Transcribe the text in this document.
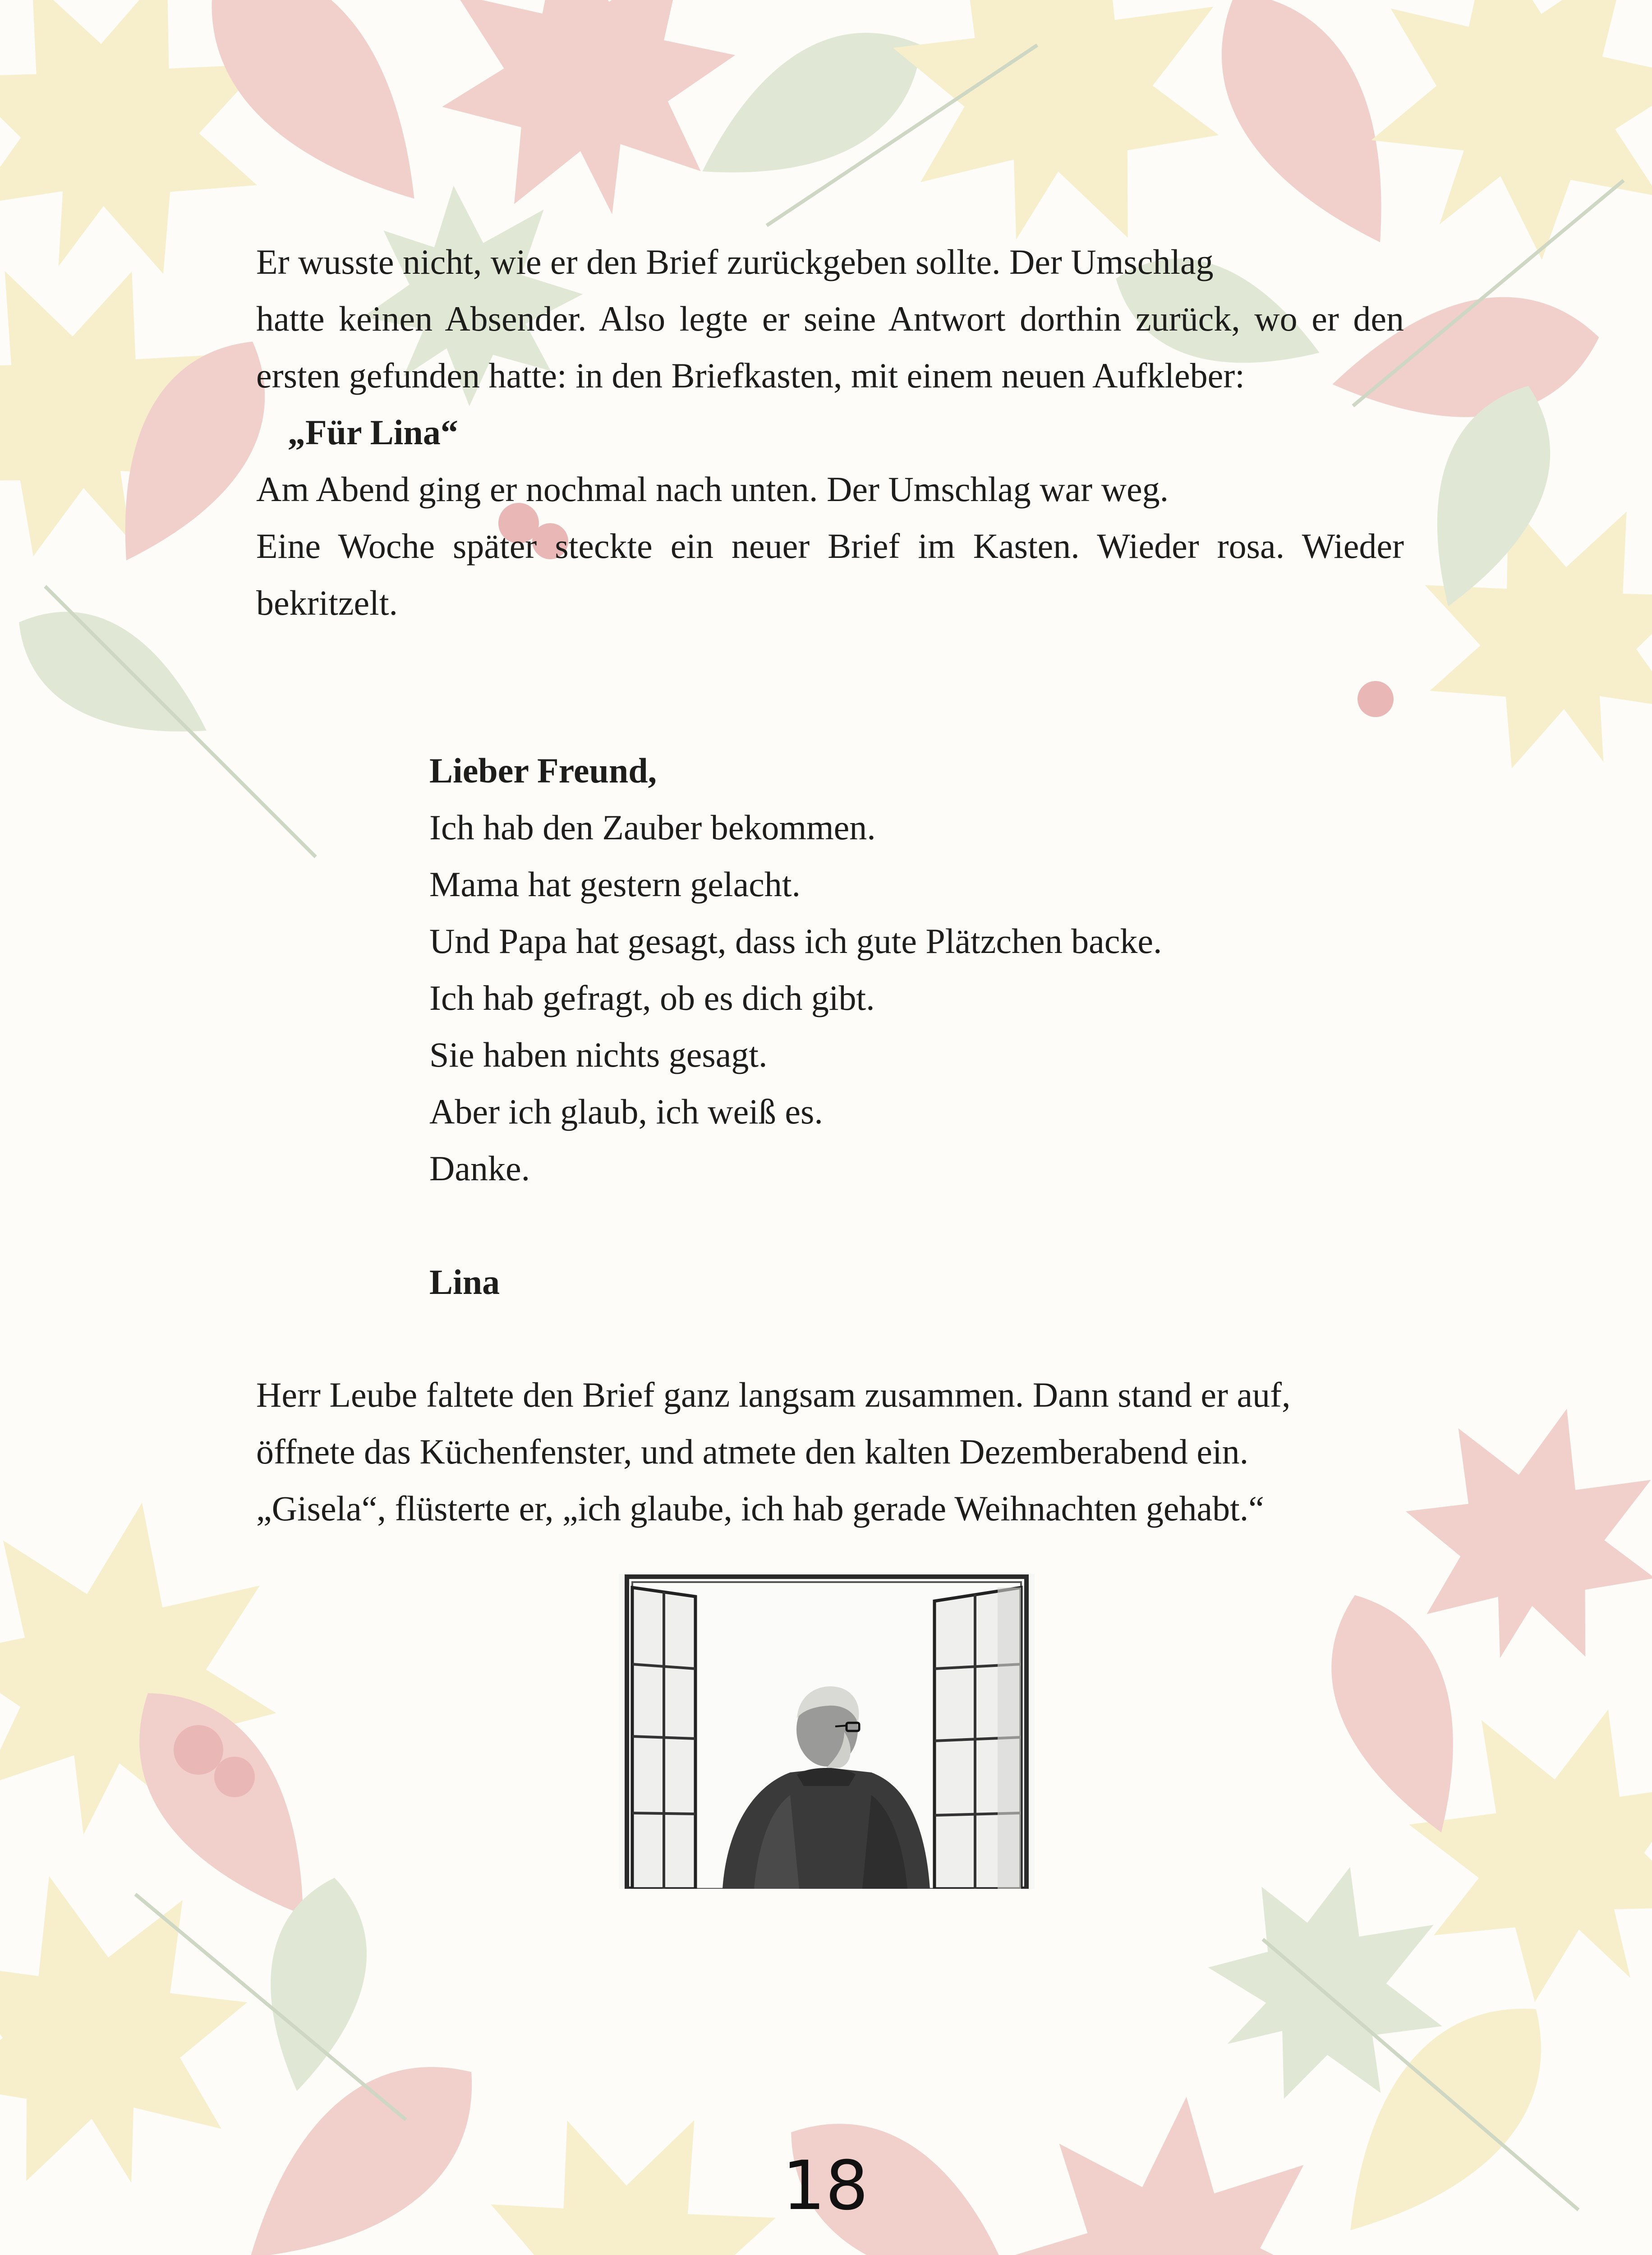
Er wusste nicht, wie er den Brief zurückgeben sollte. Der Umschlag

hatte keinen Absender. Also legte er seine Antwort dorthin zurück, wo er den ersten gefunden hatte: in den Briefkasten, mit einem neuen Aufkleber:

„Für Lina“

Am Abend ging er nochmal nach unten. Der Umschlag war weg.

Eine Woche später steckte ein neuer Brief im Kasten. Wieder rosa. Wieder bekritzelt.

Lieber Freund,
Ich hab den Zauber bekommen.
Mama hat gestern gelacht.
Und Papa hat gesagt, dass ich gute Plätzchen backe.
Ich hab gefragt, ob es dich gibt.
Sie haben nichts gesagt.
Aber ich glaub, ich weiß es.
Danke.
Lina

Herr Leube faltete den Brief ganz langsam zusammen. Dann stand er auf,

öffnete das Küchenfenster, und atmete den kalten Dezemberabend ein.

„Gisela“, flüsterte er, „ich glaube, ich hab gerade Weihnachten gehabt.“

18
